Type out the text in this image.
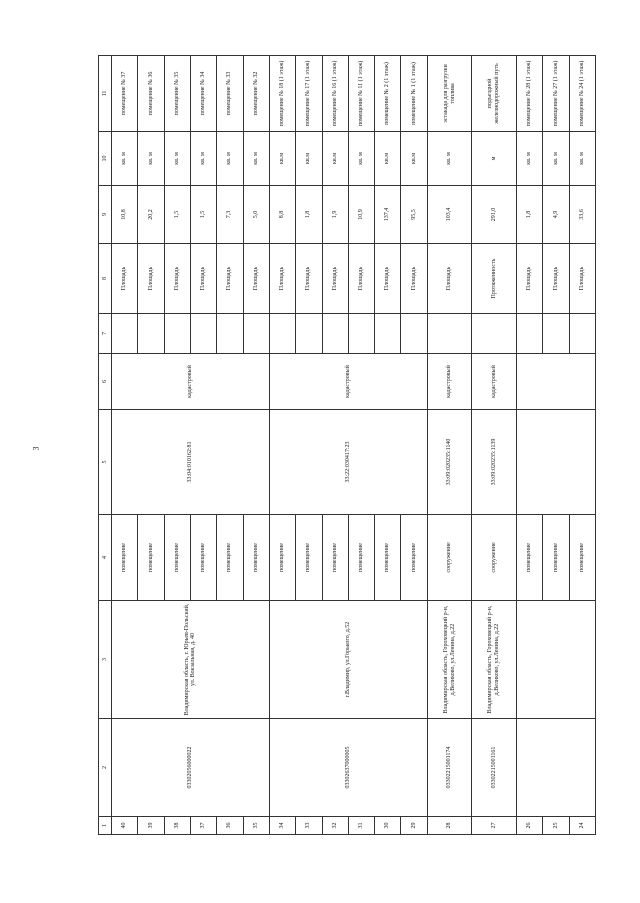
3
1	2	3	4	5	6	7	8	9	10	11
40	03302056000022	Владимирская область, г. Юрьев-Польский, ул. Вокзальная, д. 40	помещение	33:04:010162:81	кадастровый		Площадь	10,8	кв. м	помещение № 37
39			помещение				Площадь	20,2	кв. м	помещение № 36
38			помещение				Площадь	1,5	кв. м	помещение № 35
37			помещение				Площадь	1,5	кв. м	помещение № 34
36			помещение				Площадь	7,3	кв. м	помещение № 33
35			помещение				Площадь	5,0	кв. м	помещение № 32
34	03302637000005	г.Владимир, ул.Горького, д.52	помещение	33:22:030417:23	кадастровый		Площадь	8,8	кв.м	помещение № 18 (1 этаж)
33			помещение				Площадь	1,8	кв.м	помещение № 17 (1 этаж)
32			помещение				Площадь	1,9	кв.м	помещение № 16 (1 этаж)
31			помещение				Площадь	10,9	кв. м	помещение № 11 (1 этаж)
30			помещение				Площадь	137,4	кв.м	помещение № 2 (1 этаж)
29			помещение				Площадь	95,5	кв.м	помещение № 1 (1 этаж)
28	03302215001174	Владимирская область, Гороховецкий р-н, д.Великово, ул.Ленина, д.22	сооружение	33:09:020235:1140	кадастровый		Площадь	103,4	кв. м	эстакада для разгрузки топлива
27	03302215001161	Владимирская область, Гороховецкий р-н, д.Великово, ул.Ленина, д.22	сооружение	33:09:020235:1139	кадастровый		Протяженность	291,0	м	подъездной железнодорожный путь
26			помещение				Площадь	1,8	кв. м	помещение № 28 (1 этаж)
25			помещение				Площадь	4,9	кв. м	помещение № 27 (1 этаж)
24			помещение				Площадь	33,6	кв. м	помещение № 24 (1 этаж)
